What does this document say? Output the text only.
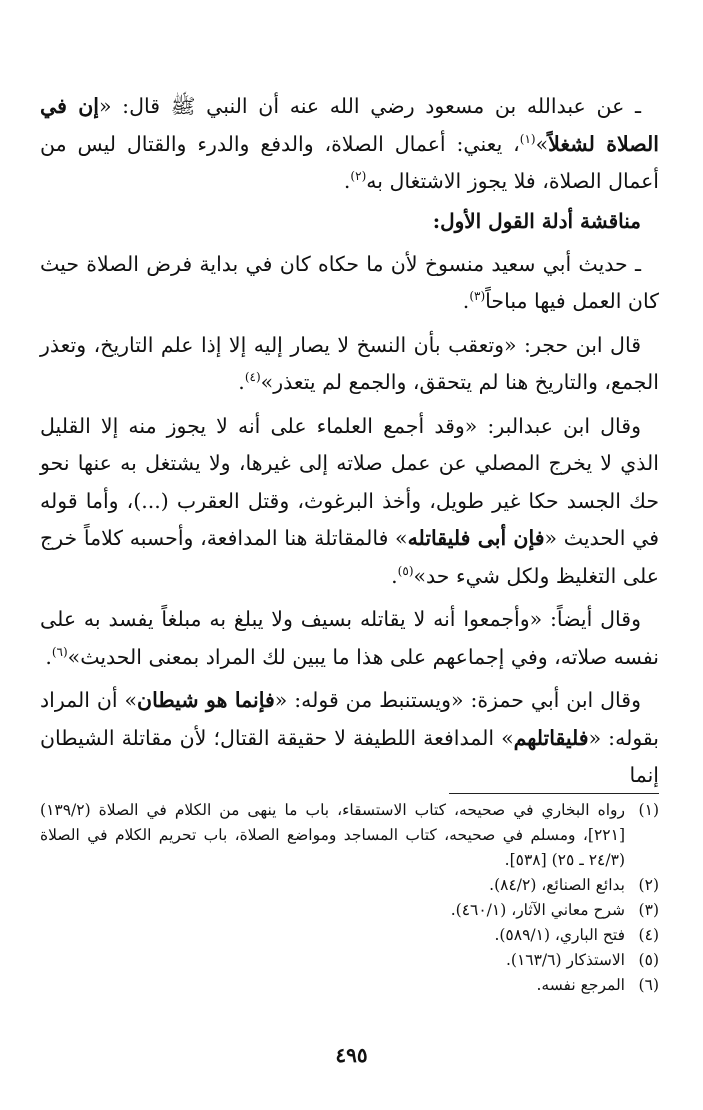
ـ عن عبدالله بن مسعود رضي الله عنه أن النبي ﷺ قال: «إن في الصلاة لشغلاً»$^{(١)}$، يعني: أعمال الصلاة، والدفع والدرء والقتال ليس من أعمال الصلاة، فلا يجوز الاشتغال به$^{(٢)}$.

مناقشة أدلة القول الأول:

ـ حديث أبي سعيد منسوخ لأن ما حكاه كان في بداية فرض الصلاة حيث كان العمل فيها مباحاً$^{(٣)}$.

قال ابن حجر: «وتعقب بأن النسخ لا يصار إليه إلا إذا علم التاريخ، وتعذر الجمع، والتاريخ هنا لم يتحقق، والجمع لم يتعذر»$^{(٤)}$.

وقال ابن عبدالبر: «وقد أجمع العلماء على أنه لا يجوز منه إلا القليل الذي لا يخرج المصلي عن عمل صلاته إلى غيرها، ولا يشتغل به عنها نحو حك الجسد حكا غير طويل، وأخذ البرغوث، وقتل العقرب (...)، وأما قوله في الحديث «فإن أبى فليقاتله» فالمقاتلة هنا المدافعة، وأحسبه كلاماً خرج على التغليظ ولكل شيء حد»$^{(٥)}$.

وقال أيضاً: «وأجمعوا أنه لا يقاتله بسيف ولا يبلغ به مبلغاً يفسد به على نفسه صلاته، وفي إجماعهم على هذا ما يبين لك المراد بمعنى الحديث»$^{(٦)}$.

وقال ابن أبي حمزة: «ويستنبط من قوله: «فإنما هو شيطان» أن المراد بقوله: «فليقاتلهم» المدافعة اللطيفة لا حقيقة القتال؛ لأن مقاتلة الشيطان إنما

(١)
رواه البخاري في صحيحه، كتاب الاستسقاء، باب ما ينهى من الكلام في الصلاة (١٣٩/٢) [٢٢١]، ومسلم في صحيحه، كتاب المساجد ومواضع الصلاة، باب تحريم الكلام في الصلاة (٢٤/٣ ـ ٢٥) [٥٣٨].
(٢)
بدائع الصنائع، (٨٤/٢).
(٣)
شرح معاني الآثار، (٤٦٠/١).
(٤)
فتح الباري، (٥٨٩/١).
(٥)
الاستذكار (١٦٣/٦).
(٦)
المرجع نفسه.
٤٩٥
